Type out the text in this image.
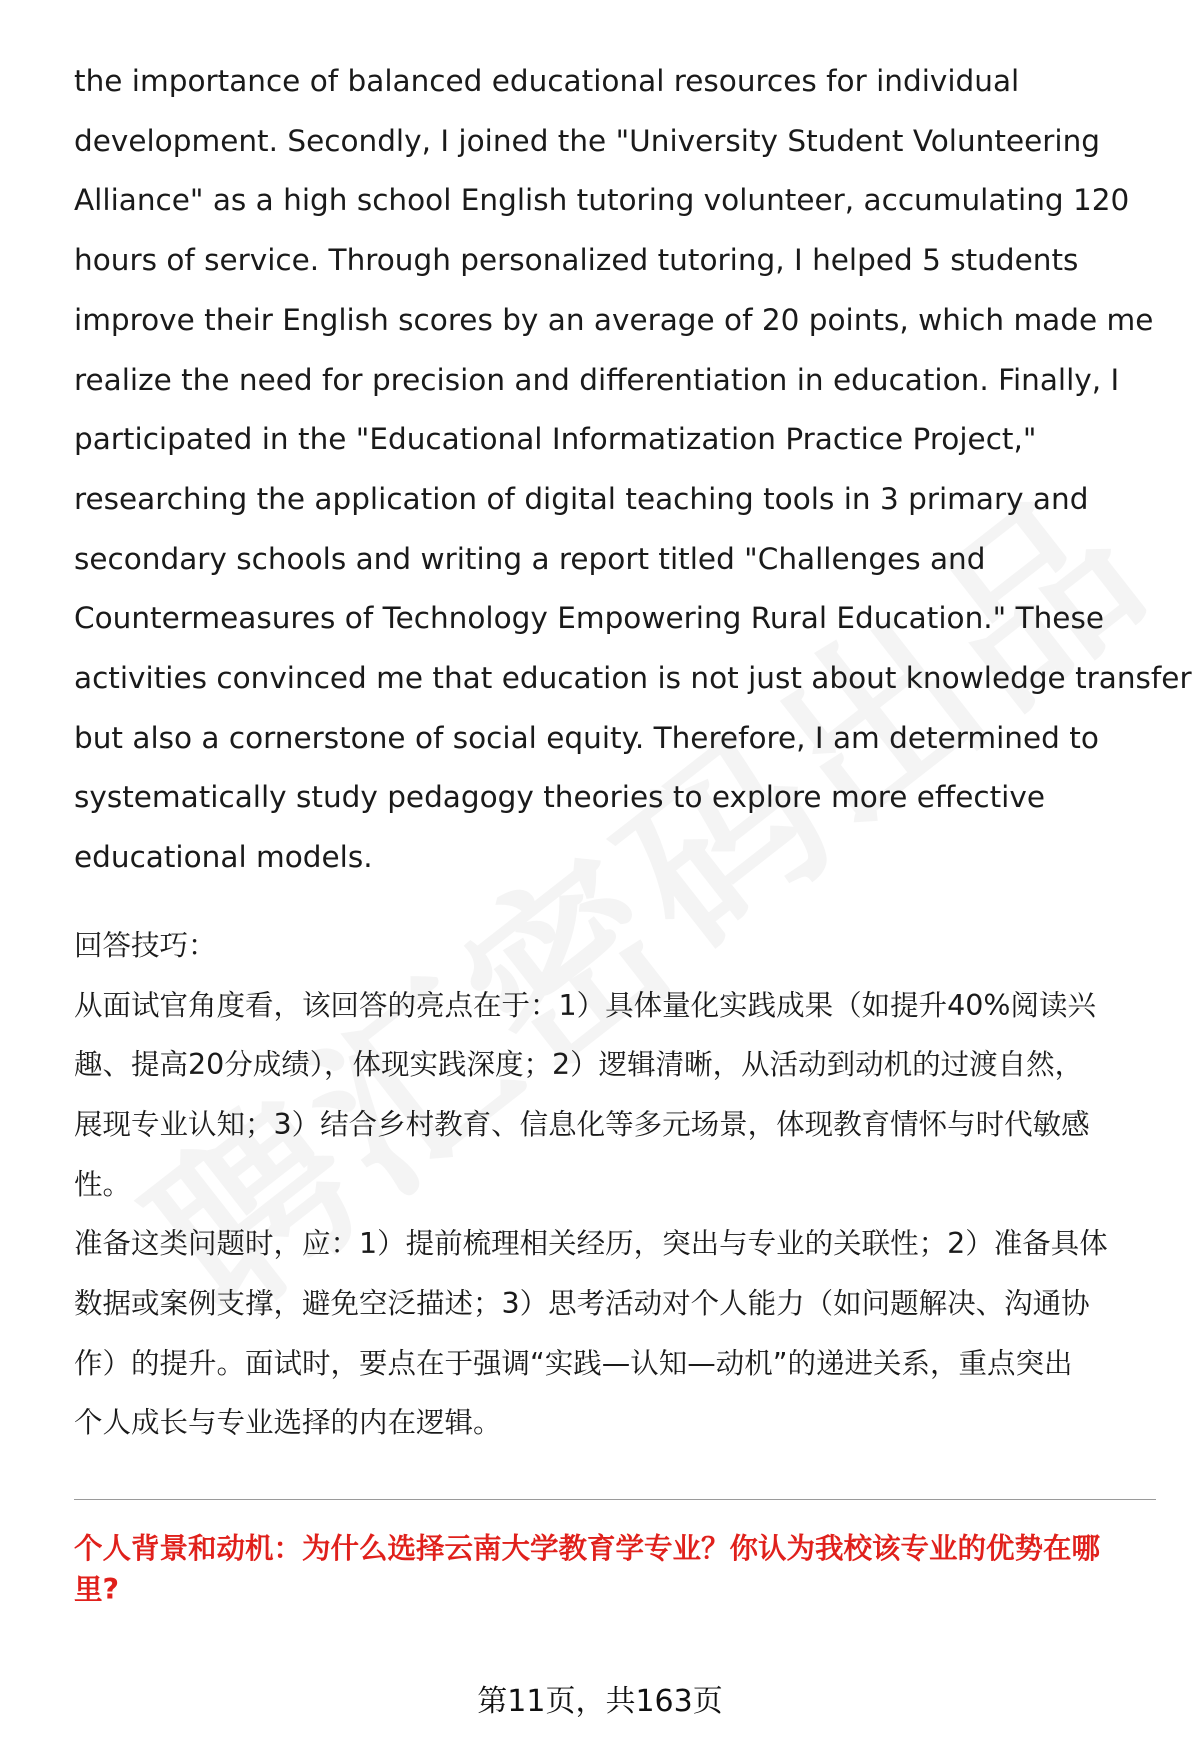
the importance of balanced educational resources for individual

development. Secondly, I joined the "University Student Volunteering

Alliance" as a high school English tutoring volunteer, accumulating 120

hours of service. Through personalized tutoring, I helped 5 students

improve their English scores by an average of 20 points, which made me

realize the need for precision and differentiation in education. Finally, I

participated in the "Educational Informatization Practice Project,"

researching the application of digital teaching tools in 3 primary and

secondary schools and writing a report titled "Challenges and

Countermeasures of Technology Empowering Rural Education." These

activities convinced me that education is not just about knowledge transfer

but also a cornerstone of social equity. Therefore, I am determined to

systematically study pedagogy theories to explore more effective

educational models.

回答技巧：

从面试官角度看，该回答的亮点在于：1）具体量化实践成果（如提升40%阅读兴

趣、提高20分成绩），体现实践深度；2）逻辑清晰，从活动到动机的过渡自然，

展现专业认知；3）结合乡村教育、信息化等多元场景，体现教育情怀与时代敏感

性。

准备这类问题时，应：1）提前梳理相关经历，突出与专业的关联性；2）准备具体

数据或案例支撑，避免空泛描述；3）思考活动对个人能力（如问题解决、沟通协

作）的提升。面试时，要点在于强调“实践—认知—动机”的递进关系，重点突出

个人成长与专业选择的内在逻辑。

个人背景和动机：为什么选择云南大学教育学专业？你认为我校该专业的优势在哪

里?

第11页，共163页
